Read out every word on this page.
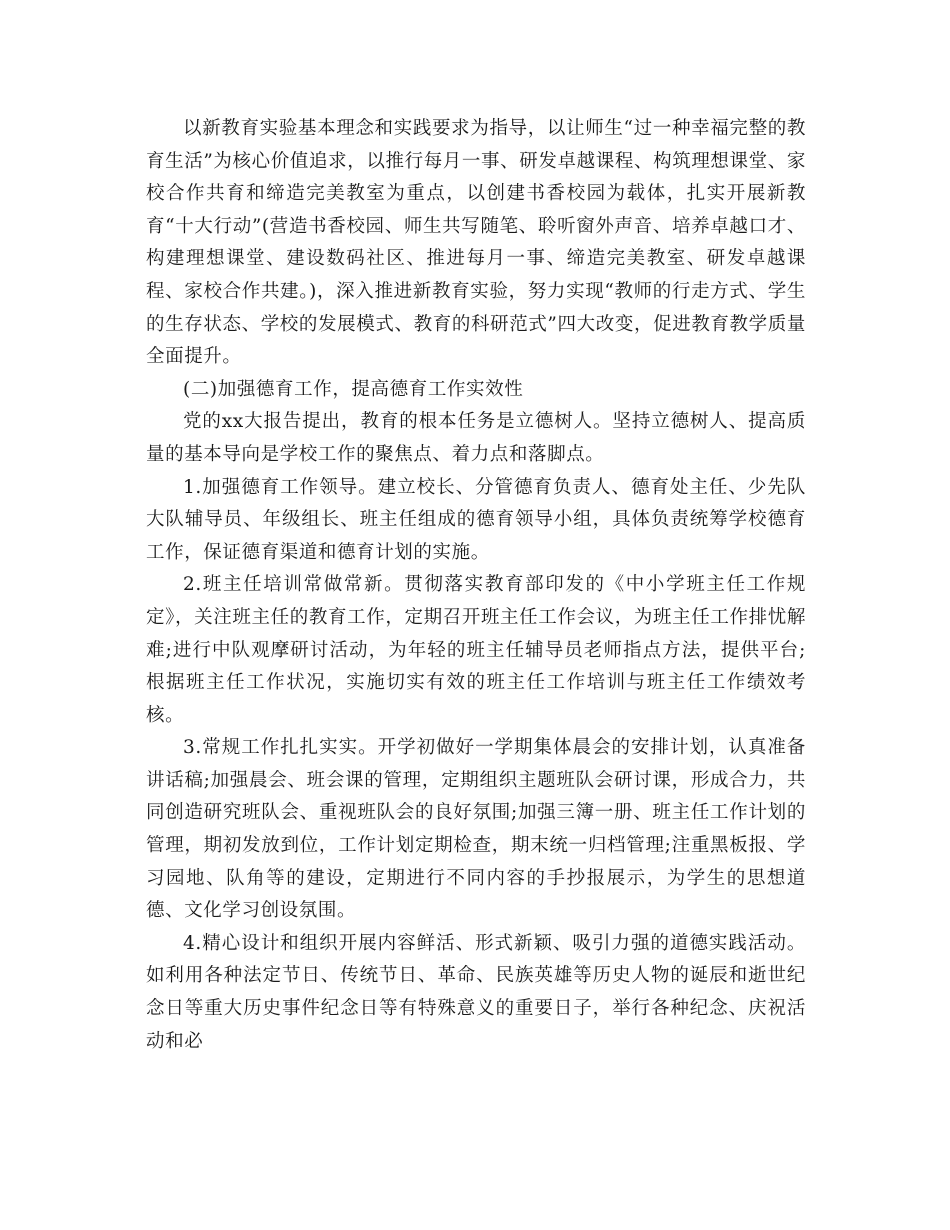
以新教育实验基本理念和实践要求为指导，以让师生“过一种幸福完整的教育生活”为核心价值追求，以推行每月一事、研发卓越课程、构筑理想课堂、家校合作共育和缔造完美教室为重点，以创建书香校园为载体，扎实开展新教育“十大行动”(营造书香校园、师生共写随笔、聆听窗外声音、培养卓越口才、构建理想课堂、建设数码社区、推进每月一事、缔造完美教室、研发卓越课程、家校合作共建。)，深入推进新教育实验，努力实现“教师的行走方式、学生的生存状态、学校的发展模式、教育的科研范式”四大改变，促进教育教学质量全面提升。

(二)加强德育工作，提高德育工作实效性

党的xx大报告提出，教育的根本任务是立德树人。坚持立德树人、提高质量的基本导向是学校工作的聚焦点、着力点和落脚点。

1.加强德育工作领导。建立校长、分管德育负责人、德育处主任、少先队大队辅导员、年级组长、班主任组成的德育领导小组，具体负责统筹学校德育工作，保证德育渠道和德育计划的实施。

2.班主任培训常做常新。贯彻落实教育部印发的《中小学班主任工作规定》，关注班主任的教育工作，定期召开班主任工作会议，为班主任工作排忧解难;进行中队观摩研讨活动，为年轻的班主任辅导员老师指点方法，提供平台;根据班主任工作状况，实施切实有效的班主任工作培训与班主任工作绩效考核。

3.常规工作扎扎实实。开学初做好一学期集体晨会的安排计划，认真准备讲话稿;加强晨会、班会课的管理，定期组织主题班队会研讨课，形成合力，共同创造研究班队会、重视班队会的良好氛围;加强三簿一册、班主任工作计划的管理，期初发放到位，工作计划定期检查，期末统一归档管理;注重黑板报、学习园地、队角等的建设，定期进行不同内容的手抄报展示，为学生的思想道德、文化学习创设氛围。

4.精心设计和组织开展内容鲜活、形式新颖、吸引力强的道德实践活动。如利用各种法定节日、传统节日、革命、民族英雄等历史人物的诞辰和逝世纪念日等重大历史事件纪念日等有特殊意义的重要日子，举行各种纪念、庆祝活动和必
